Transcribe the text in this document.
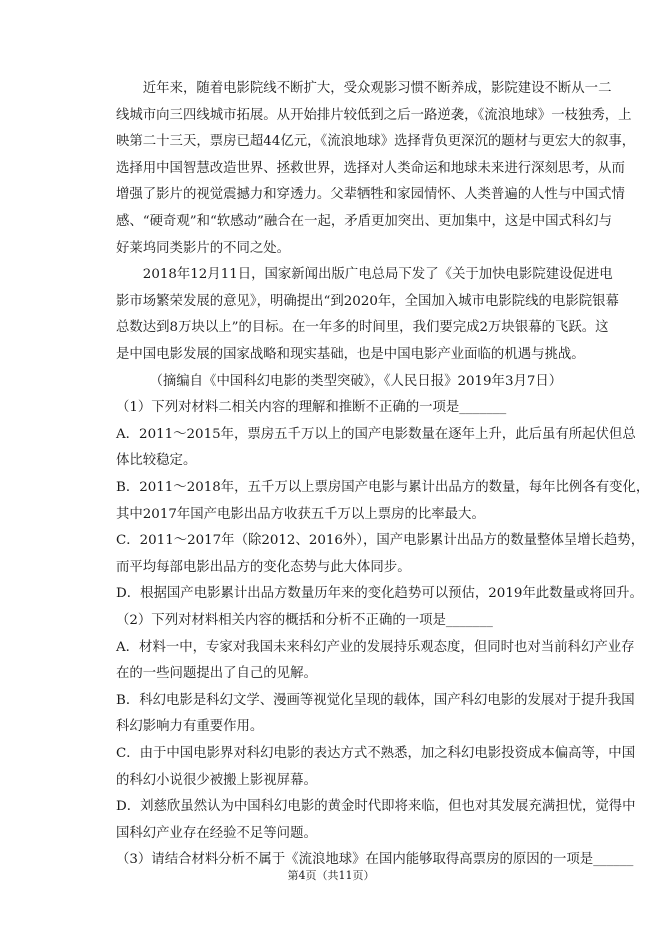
近年来，随着电影院线不断扩大，受众观影习惯不断养成，影院建设不断从一二
线城市向三四线城市拓展。从开始排片较低到之后一路逆袭，《流浪地球》一枝独秀，上
映第二十三天，票房已超44亿元，《流浪地球》选择背负更深沉的题材与更宏大的叙事，
选择用中国智慧改造世界、拯救世界，选择对人类命运和地球未来进行深刻思考，从而
增强了影片的视觉震撼力和穿透力。父辈牺牲和家园情怀、人类普遍的人性与中国式情
感、“硬奇观”和“软感动”融合在一起，矛盾更加突出、更加集中，这是中国式科幻与
好莱坞同类影片的不同之处。
2018年12月11日，国家新闻出版广电总局下发了《关于加快电影院建设促进电
影市场繁荣发展的意见》，明确提出“到2020年，全国加入城市电影院线的电影院银幕
总数达到8万块以上”的目标。在一年多的时间里，我们要完成2万块银幕的飞跃。这
是中国电影发展的国家战略和现实基础，也是中国电影产业面临的机遇与挑战。
（摘编自《中国科幻电影的类型突破》，《人民日报》2019年3月7日）
（1）下列对材料二相关内容的理解和推断不正确的一项是_______
A．2011～2015年，票房五千万以上的国产电影数量在逐年上升，此后虽有所起伏但总
体比较稳定。
B．2011～2018年，五千万以上票房国产电影与累计出品方的数量，每年比例各有变化，
其中2017年国产电影出品方收获五千万以上票房的比率最大。
C．2011～2017年（除2012、2016外），国产电影累计出品方的数量整体呈增长趋势，
而平均每部电影出品方的变化态势与此大体同步。
D．根据国产电影累计出品方数量历年来的变化趋势可以预估，2019年此数量或将回升。
（2）下列对材料相关内容的概括和分析不正确的一项是_______
A．材料一中，专家对我国未来科幻产业的发展持乐观态度，但同时也对当前科幻产业存
在的一些问题提出了自己的见解。
B．科幻电影是科幻文学、漫画等视觉化呈现的载体，国产科幻电影的发展对于提升我国
科幻影响力有重要作用。
C．由于中国电影界对科幻电影的表达方式不熟悉，加之科幻电影投资成本偏高等，中国
的科幻小说很少被搬上影视屏幕。
D．刘慈欣虽然认为中国科幻电影的黄金时代即将来临，但也对其发展充满担忧，觉得中
国科幻产业存在经验不足等问题。
（3）请结合材料分析不属于《流浪地球》在国内能够取得高票房的原因的一项是______
第4页（共11页）
